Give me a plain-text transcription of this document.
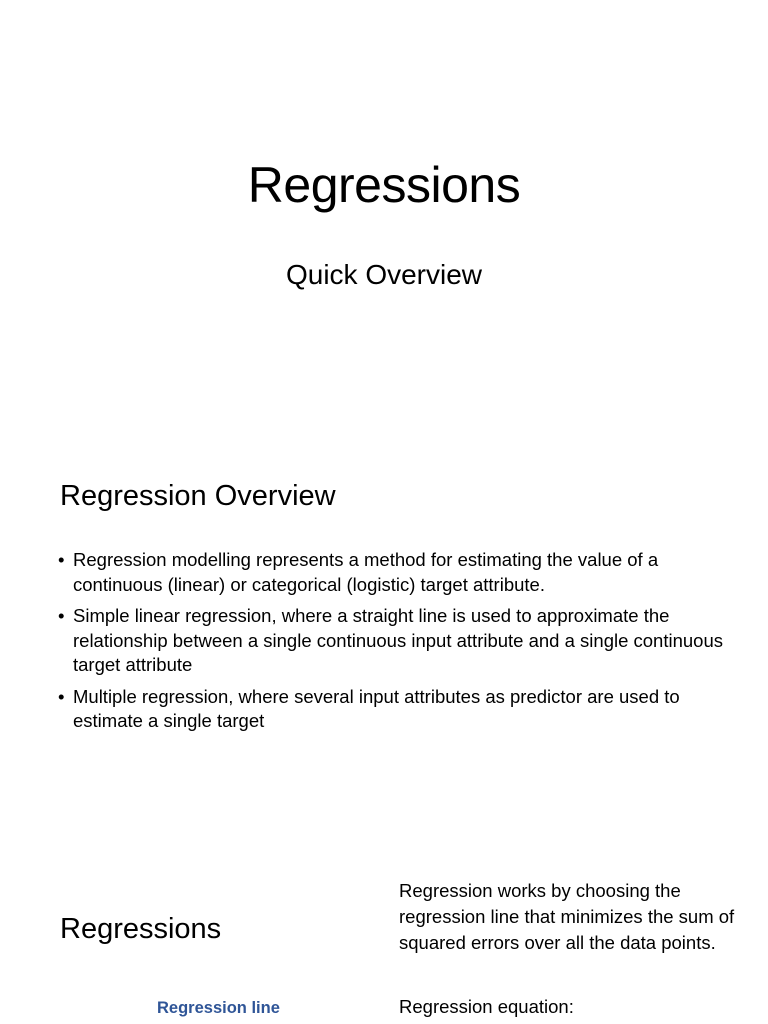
Regressions
Quick Overview
Regression Overview
• Regression modelling represents a method for estimating the value of a continuous (linear) or categorical (logistic) target attribute.
• Simple linear regression, where a straight line is used to approximate the relationship between a single continuous input attribute and a single continuous target attribute
• Multiple regression, where several input attributes as predictor are used to estimate a single target
Regressions
Regression works by choosing the regression line that minimizes the sum of squared errors over all the data points.
Regression equation:
Regression line
